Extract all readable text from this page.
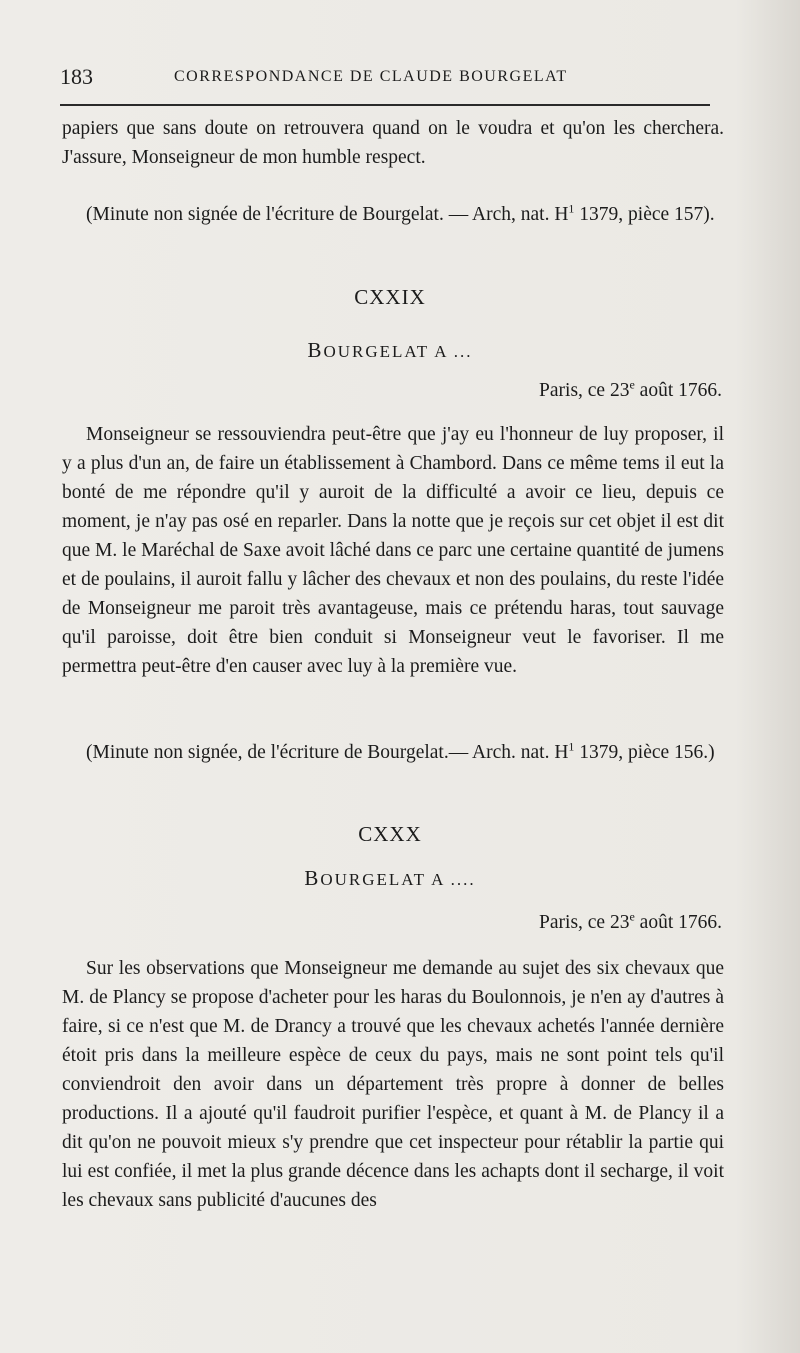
183	CORRESPONDANCE DE CLAUDE BOURGELAT

papiers que sans doute on retrouvera quand on le voudra et qu'on les cherchera. J'assure, Monseigneur de mon humble respect.

(Minute non signée de l'écriture de Bourgelat. — Arch, nat. $H^1$ 1379, pièce 157).

CXXIX
BOURGELAT A ...
Paris, ce 23e août 1766.

Monseigneur se ressouviendra peut-être que j'ay eu l'honneur de luy proposer, il y a plus d'un an, de faire un établissement à Chambord. Dans ce même tems il eut la bonté de me répondre qu'il y auroit de la difficulté a avoir ce lieu, depuis ce moment, je n'ay pas osé en reparler. Dans la notte que je reçois sur cet objet il est dit que M. le Maréchal de Saxe avoit lâché dans ce parc une certaine quantité de jumens et de poulains, il auroit fallu y lâcher des chevaux et non des poulains, du reste l'idée de Monseigneur me paroit très avantageuse, mais ce prétendu haras, tout sauvage qu'il paroisse, doit être bien conduit si Monseigneur veut le favoriser. Il me permettra peut-être d'en causer avec luy à la première vue.

(Minute non signée, de l'écriture de Bourgelat.— Arch. nat. $H^1$ 1379, pièce 156.)

CXXX
BOURGELAT A ....
Paris, ce 23e août 1766.

Sur les observations que Monseigneur me demande au sujet des six chevaux que M. de Plancy se propose d'acheter pour les haras du Boulonnois, je n'en ay d'autres à faire, si ce n'est que M. de Drancy a trouvé que les chevaux achetés l'année dernière étoit pris dans la meilleure espèce de ceux du pays, mais ne sont point tels qu'il conviendroit den avoir dans un département très propre à donner de belles productions. Il a ajouté qu'il faudroit purifier l'espèce, et quant à M. de Plancy il a dit qu'on ne pouvoit mieux s'y prendre que cet inspecteur pour rétablir la partie qui lui est confiée, il met la plus grande décence dans les achapts dont il secharge, il voit les chevaux sans publicité d'aucunes des
